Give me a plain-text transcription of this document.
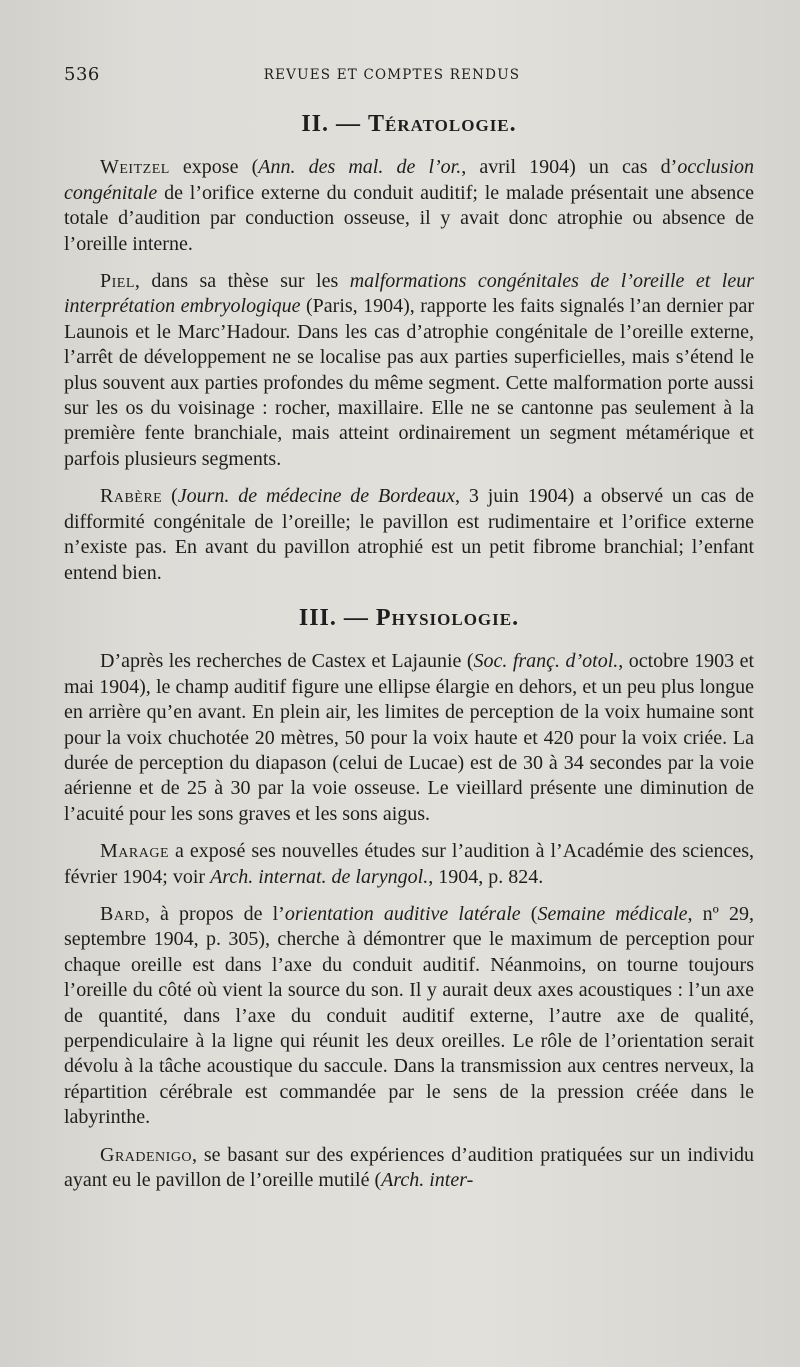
536	REVUES ET COMPTES RENDUS
II. — Tératologie.

Weitzel expose (Ann. des mal. de l’or., avril 1904) un cas d’occlusion congénitale de l’orifice externe du conduit auditif; le malade présentait une absence totale d’audition par conduction osseuse, il y avait donc atrophie ou absence de l’oreille interne.

Piel, dans sa thèse sur les malformations congénitales de l’oreille et leur interprétation embryologique (Paris, 1904), rapporte les faits signalés l’an dernier par Launois et le Marc’Hadour. Dans les cas d’atrophie congénitale de l’oreille externe, l’arrêt de développement ne se localise pas aux parties superficielles, mais s’étend le plus souvent aux parties profondes du même segment. Cette malformation porte aussi sur les os du voisinage : rocher, maxillaire. Elle ne se cantonne pas seulement à la première fente branchiale, mais atteint ordinairement un segment métamérique et parfois plusieurs segments.

Rabère (Journ. de médecine de Bordeaux, 3 juin 1904) a observé un cas de difformité congénitale de l’oreille; le pavillon est rudimentaire et l’orifice externe n’existe pas. En avant du pavillon atrophié est un petit fibrome branchial; l’enfant entend bien.

III. — Physiologie.

D’après les recherches de Castex et Lajaunie (Soc. franç. d’otol., octobre 1903 et mai 1904), le champ auditif figure une ellipse élargie en dehors, et un peu plus longue en arrière qu’en avant. En plein air, les limites de perception de la voix humaine sont pour la voix chuchotée 20 mètres, 50 pour la voix haute et 420 pour la voix criée. La durée de perception du diapason (celui de Lucae) est de 30 à 34 secondes par la voie aérienne et de 25 à 30 par la voie osseuse. Le vieillard présente une diminution de l’acuité pour les sons graves et les sons aigus.

Marage a exposé ses nouvelles études sur l’audition à l’Académie des sciences, février 1904; voir Arch. internat. de laryngol., 1904, p. 824.

Bard, à propos de l’orientation auditive latérale (Semaine médicale, nº 29, septembre 1904, p. 305), cherche à démontrer que le maximum de perception pour chaque oreille est dans l’axe du conduit auditif. Néanmoins, on tourne toujours l’oreille du côté où vient la source du son. Il y aurait deux axes acoustiques : l’un axe de quantité, dans l’axe du conduit auditif externe, l’autre axe de qualité, perpendiculaire à la ligne qui réunit les deux oreilles. Le rôle de l’orientation serait dévolu à la tâche acoustique du saccule. Dans la transmission aux centres nerveux, la répartition cérébrale est commandée par le sens de la pression créée dans le labyrinthe.

Gradenigo, se basant sur des expériences d’audition pratiquées sur un individu ayant eu le pavillon de l’oreille mutilé (Arch. inter-
